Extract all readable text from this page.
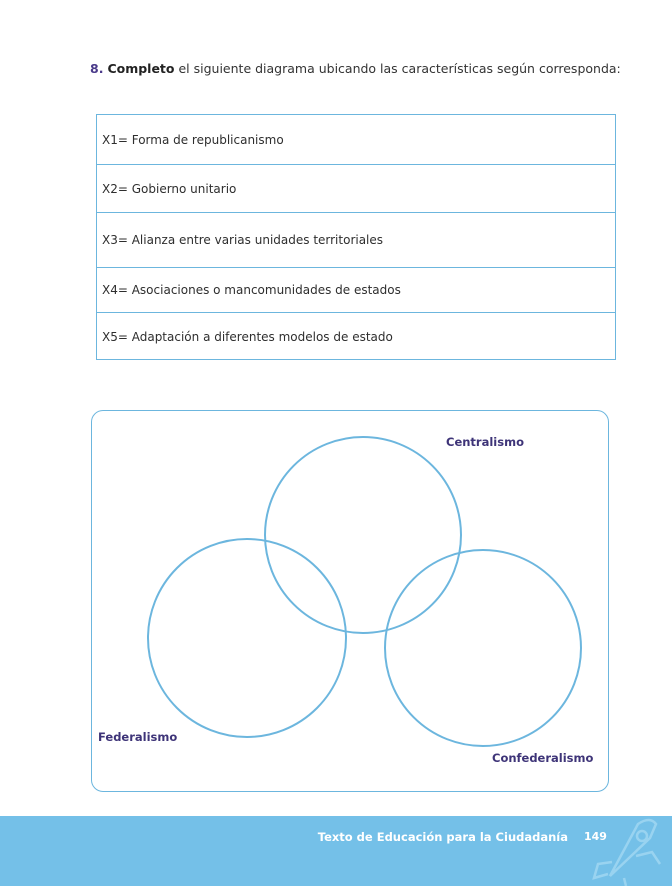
8. Completo el siguiente diagrama ubicando las características según corresponda:
X1= Forma de republicanismo
X2= Gobierno unitario
X3= Alianza entre varias unidades territoriales
X4= Asociaciones o mancomunidades de estados
X5= Adaptación a diferentes modelos de estado
Centralismo
Federalismo
Confederalismo
Texto de Educación para la Ciudadanía 149
